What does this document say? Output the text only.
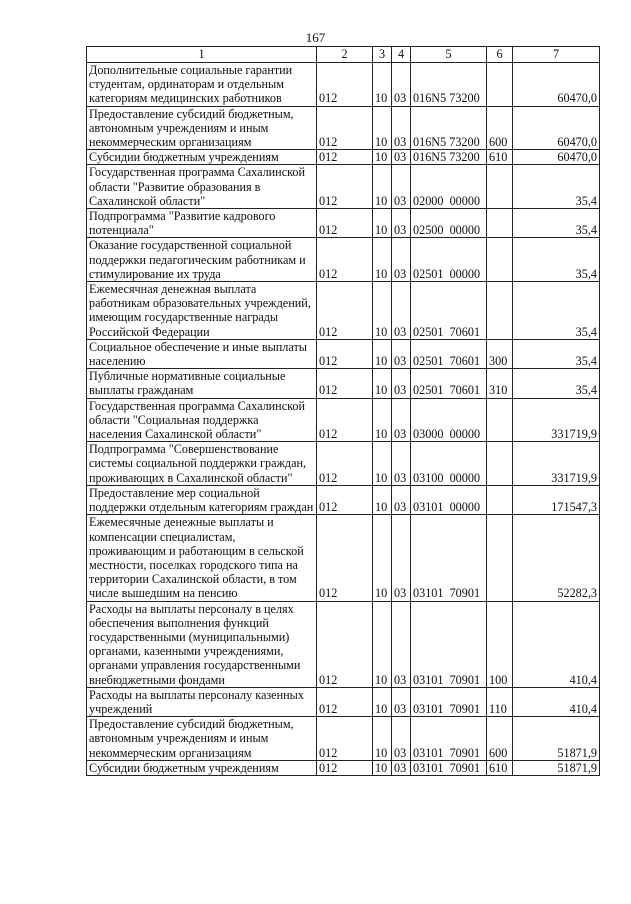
167
1	2	3	4	5	6	7
Дополнительные социальные гарантии студентам, ординаторам и отдельным категориям медицинских работников	012	10	03	016N5 73200		60470,0
Предоставление субсидий бюджетным, автономным учреждениям и иным некоммерческим организациям	012	10	03	016N5 73200	600	60470,0
Субсидии бюджетным учреждениям	012	10	03	016N5 73200	610	60470,0
Государственная программа Сахалинской области "Развитие образования в Сахалинской области"	012	10	03	02000  00000		35,4
Подпрограмма "Развитие кадрового потенциала"	012	10	03	02500  00000		35,4
Оказание государственной социальной поддержки педагогическим работникам и стимулирование их труда	012	10	03	02501  00000		35,4
Ежемесячная денежная выплата работникам образовательных учреждений, имеющим государственные награды Российской Федерации	012	10	03	02501  70601		35,4
Социальное обеспечение и иные выплаты населению	012	10	03	02501  70601	300	35,4
Публичные нормативные социальные выплаты гражданам	012	10	03	02501  70601	310	35,4
Государственная программа Сахалинской области "Социальная поддержка населения Сахалинской области"	012	10	03	03000  00000		331719,9
Подпрограмма "Совершенствование системы социальной поддержки граждан, проживающих в Сахалинской области"	012	10	03	03100  00000		331719,9
Предоставление мер социальной поддержки отдельным категориям граждан	012	10	03	03101  00000		171547,3
Ежемесячные денежные выплаты и компенсации специалистам, проживающим и работающим в сельской местности, поселках городского типа на территории Сахалинской области, в том числе вышедшим на пенсию	012	10	03	03101  70901		52282,3
Расходы на выплаты персоналу в целях обеспечения выполнения функций государственными (муниципальными) органами, казенными учреждениями, органами управления государственными внебюджетными фондами	012	10	03	03101  70901	100	410,4
Расходы на выплаты персоналу казенных учреждений	012	10	03	03101  70901	110	410,4
Предоставление субсидий бюджетным, автономным учреждениям и иным некоммерческим организациям	012	10	03	03101  70901	600	51871,9
Субсидии бюджетным учреждениям	012	10	03	03101  70901	610	51871,9
